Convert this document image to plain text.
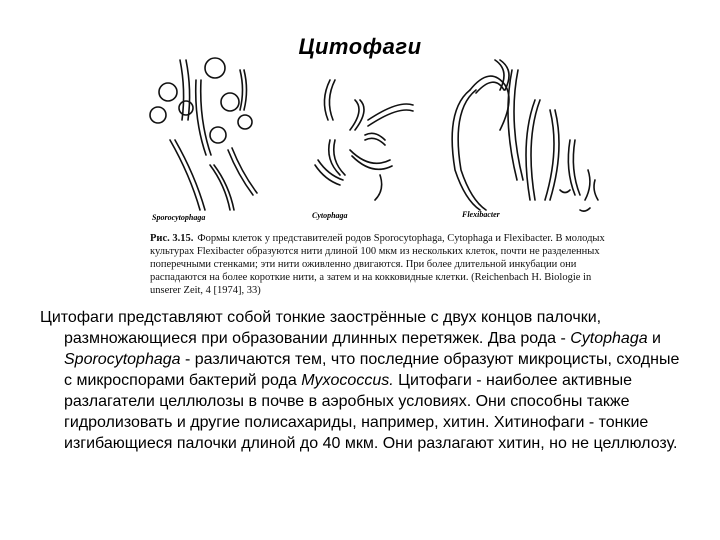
Цитофаги
Sporocytophaga	Cytophaga	Flexibacter
Рис. 3.15. Формы клеток у представителей родов Sporocytophaga, Cytophaga и Flexibacter. В молодых культурах Flexibacter образуются нити длиной 100 мкм из нескольких клеток, почти не разделенных поперечными стенками; эти нити оживленно двигаются. При более длительной инкубации они распадаются на более короткие нити, а затем и на кокковидные клетки. (Reichenbach H. Biologie in unserer Zeit, 4 [1974], 33)

Цитофаги представляют собой тонкие заострённые с двух концов палочки, размножающиеся при образовании длинных перетяжек. Два рода - Cytophaga и Sporocytophaga - различаются тем, что последние образуют микроцисты, сходные с микроспорами бактерий рода Myxococcus. Цитофаги - наиболее активные разлагатели целлюлозы в почве в аэробных условиях. Они способны также гидролизовать и другие полисахариды, например, хитин. Хитинофаги - тонкие изгибающиеся палочки длиной до 40 мкм. Они разлагают хитин, но не целлюлозу.
